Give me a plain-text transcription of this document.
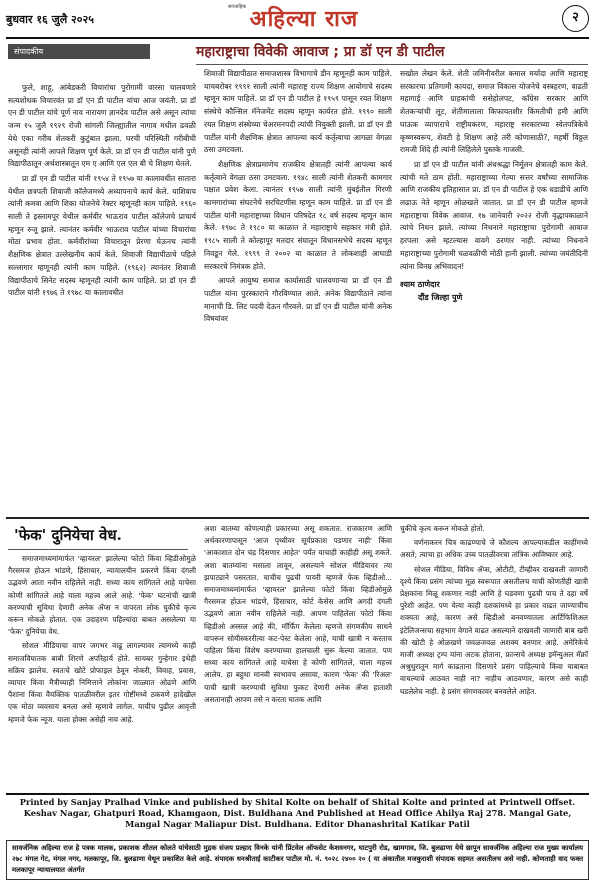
बुधवार १६ जुलै २०२५
साप्ताहिक अहिल्या राज	२
संपादकीय	महाराष्ट्राचा विवेकी आवाज ; प्रा डॉ एन डी पाटील

फुले, शाहू, आंबेडकरी विचारांचा पुरोगामी वारसा चालवणारे सत्यशोधक विचारवंत प्रा डॉ एन डी पाटील यांचा आज जयंती. प्रा डॉ एन डी पाटील यांचे पूर्ण नाव नारायण ज्ञानदेव पाटील असे असून त्यांचा जन्म १५ जुलै १९२९ रोजी सांगली जिल्ह्यातील नागाव मधील ढवळी येथे एका गरीब शेतकरी कुटुंबात झाला. घरची परिस्थिती गरीबीची असूनही त्यांनी आपले शिक्षण पूर्ण केले. प्रा डॉ एन डी पाटील यांनी पुणे विद्यापीठातून अर्थशास्त्रातून एम ए आणि एल एल बी चे शिक्षण घेतले.

प्रा डॉ एन डी पाटील यांनी १९५४ ते १९५७ या कालावधीत सातारा येथील छत्रपती शिवाजी कॉलेजमध्ये अध्यापनाचे कार्य केले. याशिवाय त्यांनी कमवा आणि शिका योजनेचे रेक्टर म्हणूनही काम पाहिले. १९६० साली ते इस्लामपूर येथील कर्मवीर भाऊराव पाटील कॉलेजचे प्राचार्य म्हणून रुजू झाले. त्यानंतर कर्मवीर भाऊराव पाटील यांच्या विचारांचा मोठा प्रभाव होता. कर्मवीरांच्या विचारातून प्रेरणा घेऊनच त्यांनी शैक्षणिक क्षेत्रात उल्लेखनीय कार्य केले. शिवाजी विद्यापीठाचे पहिले सल्लागार म्हणूनही त्यांनी काम पाहिले. (१९६२) त्यानंतर शिवाजी विद्यापीठाचे सिनेट सदस्य म्हणूनही त्यांनी काम पाहिले. प्रा डॉ एन डी पाटील यांनी १९७६ ते १९७८ या कालावधीत

शिवाजी विद्यापीठात समाजशास्त्र विभागाचे डीन म्हणूनही काम पाहिले. याचबरोबर १९९१ साली त्यांनी महाराष्ट्र राज्य शिक्षण आयोगाचे सदस्य म्हणून काम पाहिले. प्रा डॉ एन डी पाटील हे १९५९ पासून रयत शिक्षण संस्थेचे कौन्सिल मॅनेजमेंट सदस्य म्हणून कार्यरत होते. १९९० साली रयत शिक्षण संस्थेच्या चेअरमनपदी त्यांची नियुक्ती झाली. प्रा डॉ एन डी पाटील यांनी शैक्षणिक क्षेत्रात आपल्या कार्य कर्तृत्वाचा आगळा वेगळा ठसा उमटवला.

शैक्षणिक क्षेत्राप्रमाणेच राजकीय क्षेत्रातही त्यांनी आपल्या कार्य कर्तृत्वाने वेगळा ठसा उमटवला. १९४८ साली त्यांनी शेतकरी कामगार पक्षात प्रवेश केला. त्यानंतर १९५७ साली त्यांनी मुंबईतील गिरणी कामगारांच्या संघटनेचे सरचिटणीस म्हणून काम पाहिले. प्रा डॉ एन डी पाटील यांनी महाराष्ट्राच्या विधान परिषदेत १८ वर्ष सदस्य म्हणून काम केले. १९७८ ते १९८० या काळात ते महाराष्ट्राचे सहकार मंत्री होते. १९८५ साली ते कोल्हापूर मतदार संघातून विधानसभेचे सदस्य म्हणून निवडून गेले. १९९९ ते २००२ या काळात ते लोकशाही आघाडी सरकारचे निमंत्रक होते.

आपले आयुष्य समाज कार्यासाठी घालवणाऱ्या प्रा डॉ एन डी पाटील यांना पुरस्काराने गौरविण्यात आले. अनेक विद्यापीठाने त्यांना मानाची डि. लिट पदवी देऊन गौरवले. प्रा डॉ एन डी पाटील यांनी अनेक विषयांवर

सखोल लेखन केले. शेती जमिनीवरील कमाल मर्यादा आणि महाराष्ट्र सरकारचा प्रतिगामी कायदा, समाज विकास योजनेचे वस्त्रहरण, वाढती महागाई आणि ग्राहकांची ससेहोलपट, कॉंग्रेस सरकार आणि शेतकऱ्यांची लूट, शेतीमालाला किफायतशीर किंमतीची हमी आणि घाऊक व्यापाराचे राष्ट्रीयकरण, महाराष्ट्र सरकारच्या स्वेतपत्रिकेचे कृष्णस्वरूप, शेवटी हे शिक्षण आहे तरी कोणासाठी?, महर्षी विठ्ठल रामजी शिंदे ही त्यांनी लिहिलेले पुस्तके गाजली.

प्रा डॉ एन डी पाटील यांनी अंधश्रद्धा निर्मूलन क्षेत्रातही काम केले. त्यांची मते ठाम होती. महाराष्ट्राच्या गेल्या सत्तर वर्षांच्या सामाजिक आणि राजकीय इतिहासात प्रा. डॉ एन डी पाटील हे एक धडाडीचे आणि लढाऊ नेते म्हणून ओळखले जातात. प्रा डॉ एन डी पाटील म्हणजे महाराष्ट्राचा विवेक आवाज. १७ जानेवारी २०२२ रोजी वृद्धापकाळाने त्यांचे निधन झाले. त्यांच्या निधनाने महाराष्ट्राचा पुरोगामी आवाज हरपला असे म्हटल्यास वावगे ठरणार नाही. त्यांच्या निधनाने महाराष्ट्राच्या पुरोगामी चळवळीची मोठी हानी झाली. त्यांच्या जयंतीदिनी त्यांना विनम्र अभिवादन!

श्याम ठाणेदार
दौंड जिल्हा पुणे
'फेक' दुनियेचा वेध.

समाजमाध्यमांमार्फत 'व्हायरल' झालेल्या फोटो किंवा व्हिडीओमुळे गैरसमज होऊन भांडणे, हिंसाचार, न्यायालयीन प्रकरणे किंवा दंगली उद्भवणे आता नवीन राहिलेले नाही. सध्या काय सांगितले आहे याचेसा कोणी सांगितले आहे याला महत्त्व आले आहे. 'फेक' घटनांची खात्री करण्याची सुविधा देणारी अनेक ॲप्स न वापरता लोक चुकीचे कृत्य करून मोकळे होतात. एक उदाहरण पहिल्यांदा बाबत असलेल्या या 'फेक' दुनियेचा वेध.

सोशल मीडियाचा वापर जगभर वाढू लागल्यावर त्यामध्ये काही समाजविघातक बाबी शिरणे अपरिहार्य होते. सायबर गुन्हेगार इथेही सक्रिय झालेच. स्वतःचे खोटे प्रोफाइल ठेवून नोकरी, विवाह, प्रवास, व्यापार किंवा मैत्रीच्याही निमित्ताने लोकांना जाळ्यात ओढणे आणि पैशांना किंवा वैयक्तिक पातळीवरील इतर गोष्टींमध्ये ठकवणे हादेखील एक मोठा व्यवसाय बनला असे म्हणावे लागेल. याचीच पुढील आवृत्ती म्हणजे फेक न्यूज. याला होक्स असेही नाव आहे.

अशा बातम्या कोणत्याही प्रकारच्या असू शकतात. राजकारण आणि अर्थकारणापासून 'आज पृथ्वीवर सूर्यप्रकाश पडणार नाही' किंवा 'आकाशात दोन चंद्र दिसणार आहेत' पर्यंत याचाही काहीही असू शकते. अशा बातम्यांना मसाला लावून, असल्याने सोशल मीडियावर त्या झपाट्याने पसरतात. याचीच पुढची पायरी म्हणजे फेक व्हिडीओ... समाजमाध्यमांमार्फत 'व्हायरल' झालेल्या फोटो किंवा व्हिडीओमुळे गैरसमज होऊन भांडणे, हिंसाचार, कोर्ट केसेस आणि अगदी दंगली उद्भवणे आता नवीन राहिलेले नाही. आपण पाहिलेला फोटो किंवा व्हिडीओ अस्सल आहे की, मॉर्फिंग केलेला म्हणजे संगणकीय साधने वापरून सोयीस्कररीत्या कट-पेस्ट केलेला आहे, याची खात्री न करताच पाहिला किंवा विशेष करण्याच्या हालचाली सुरू केल्या जातात. पण सध्या काय सांगितले आहे याचेसा हे कोणी सांगितले, याला महत्त्व आलेय. हा बहुधा मानवी स्वभावच असावा, कारण 'फेक' की 'रिअल' याची खात्री करण्याची सुविधा फुकट देणारी अनेक ॲप्स हाताशी असतानाही आपण तसे न करता घातक आणि

चुकीचे कृत्य करून मोकळे होतो.

वर्णनाकरन चित्र काढण्याचे जे कौशल्य आपल्याकडील काहींमध्ये असते; त्याचा हा अधिक उच्च पातळीवरचा तांत्रिक आविष्कार आहे.

सोशल मीडिया, विविध ॲप्स, ओटीटी, टीव्हीवर दाखवली जाणारी दृश्ये किंवा प्रसंग त्यांच्या मूळ स्वरूपात असतीलच याची कोणतीही खात्री प्रेक्षकांना मिळू शकणार नाही आणि हे घडवणा पुढची पाच ते दहा वर्षे पुरेशी आहेत. पण येत्या काही दशकांमध्ये हा प्रकार वाढत जाण्याचीच शक्यता आहे, कारण असे व्हिडीओ बनवण्यातला आर्टिफिशिअल इंटेलिजन्सचा सहभाग वेगाने वाढत असल्याने दाखवली जाणारी बाब खरी की खोटी हे ओळखणे जवळजवळ अशक्य बनणार आहे. अमेरिकेचे माजी अध्यक्ष ट्रम्प यांना अटक होताना, फ्रान्सचे अध्यक्ष इमॅन्युअल मॅक्रॉ अश्रुधुरातून मार्ग काढताना दिसणारे प्रसंग पाहिल्याचे किंवा याबाबत वाचल्याचे आठवत नाही ना? नाहीच आठवणार, कारण असे काही घडलेलेच नाही. हे प्रसंग संगणकावर बनवलेले आहेत.

Printed by Sanjay Pralhad Vinke and published by Shital Kolte on behalf of Shital Kolte and printed at Printwell Offset.
Keshav Nagar, Ghatpuri Road, Khamgaon, Dist. Buldhana And Published at Head Office Ahilya Raj 278. Mangal Gate,
Mangal Nagar Maliapur Dist. Buldhana. Editor Dhanashrital Katikar Patil
सावर्जनिक अहिल्या राज हे पत्रक मालक, प्रकाशक शीतल कोलते यांचेसाठी मुद्रक संजय प्रल्हाद विनके यांनी प्रिंटवेल ऑफसेट केशवनगर, घाटपुरी रोड, खामगाव, जि. बुलढाणा येथे छापून सावर्जनिक अहिल्या राज मुख्य कार्यालय २७८ मंगल गेट, मंगल नगर, मलकापूर, जि. बुलढाणा येथून प्रकाशित केले आहे. संपादक धनश्रीताई काटीकर पाटील मो. नं. ९०२८ २४०० २० ( या अंकातील मजकुराशी संपादक सहमत असतीलच असे नाही. कोणताही वाद फक्त मलकापूर न्यायालयात अंतर्गत
